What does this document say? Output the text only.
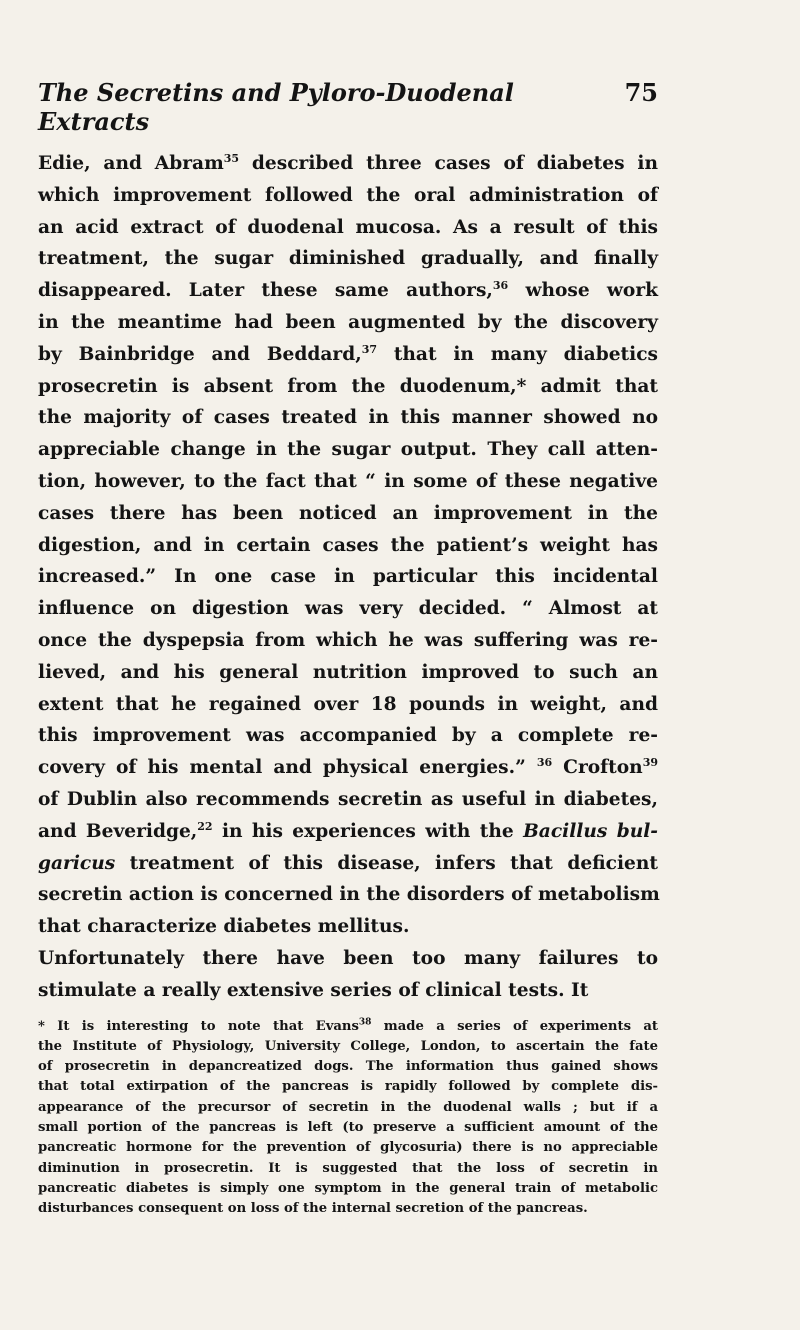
The Secretins and Pyloro-Duodenal Extracts
75

Edie, and Abram$^{35}$ described three cases of diabetes in
which improvement followed the oral administration of
an acid extract of duodenal mucosa. As a result of this
treatment, the sugar diminished gradually, and finally
disappeared. Later these same authors,$^{36}$ whose work
in the meantime had been augmented by the discovery
by Bainbridge and Beddard,$^{37}$ that in many diabetics
prosecretin is absent from the duodenum,* admit that
the majority of cases treated in this manner showed no
appreciable change in the sugar output. They call atten-
tion, however, to the fact that “ in some of these negative
cases there has been noticed an improvement in the
digestion, and in certain cases the patient’s weight has
increased.” In one case in particular this incidental
influence on digestion was very decided. “ Almost at
once the dyspepsia from which he was suffering was re-
lieved, and his general nutrition improved to such an
extent that he regained over 18 pounds in weight, and
this improvement was accompanied by a complete re-
covery of his mental and physical energies.” $^{36}$ Crofton$^{39}$
of Dublin also recommends secretin as useful in diabetes,
and Beveridge,$^{22}$ in his experiences with the Bacillus bul-
garicus treatment of this disease, infers that deficient
secretin action is concerned in the disorders of metabolism
that characterize diabetes mellitus.

Unfortunately there have been too many failures to
stimulate a really extensive series of clinical tests. It

* It is interesting to note that Evans$^{38}$ made a series of experiments at
the Institute of Physiology, University College, London, to ascertain the fate
of prosecretin in depancreatized dogs. The information thus gained shows
that total extirpation of the pancreas is rapidly followed by complete dis-
appearance of the precursor of secretin in the duodenal walls ; but if a
small portion of the pancreas is left (to preserve a sufficient amount of the
pancreatic hormone for the prevention of glycosuria) there is no appreciable
diminution in prosecretin. It is suggested that the loss of secretin in
pancreatic diabetes is simply one symptom in the general train of metabolic
disturbances consequent on loss of the internal secretion of the pancreas.
